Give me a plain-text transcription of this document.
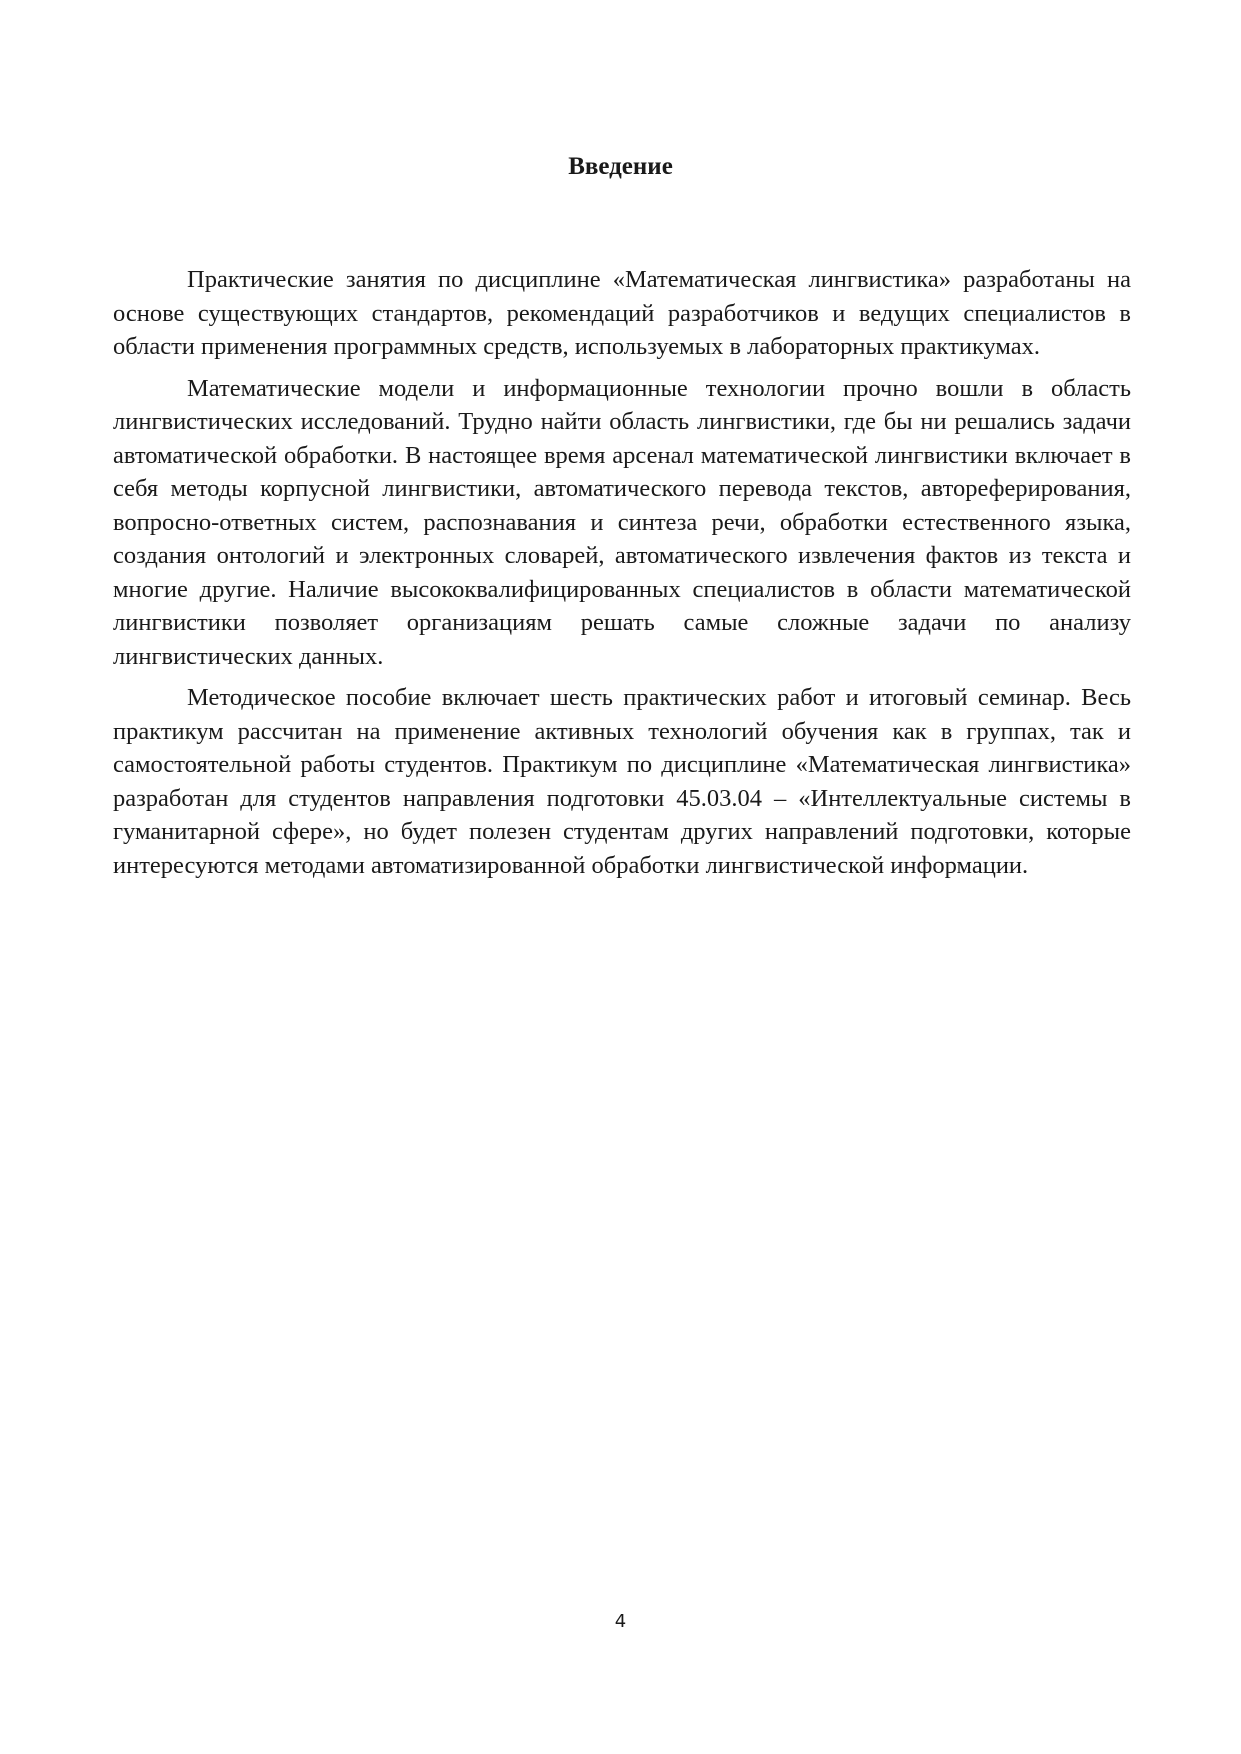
Введение

Практические занятия по дисциплине «Математическая лингвистика» разработаны на основе существующих стандартов, рекомендаций разработчиков и ведущих специалистов в области применения программных средств, используемых в лабораторных практикумах.

Математические модели и информационные технологии прочно вошли в область лингвистических исследований. Трудно найти область лингвистики, где бы ни решались задачи автоматической обработки. В настоящее время арсенал математической лингвистики включает в себя методы корпусной лингвистики, автоматического перевода текстов, автореферирования, вопросно-ответных систем, распознавания и синтеза речи, обработки естественного языка, создания онтологий и электронных словарей, автоматического извлечения фактов из текста и многие другие. Наличие высококвалифицированных специалистов в области математической лингвистики позволяет организациям решать самые сложные задачи по анализу лингвистических данных.

Методическое пособие включает шесть практических работ и итоговый семинар. Весь практикум рассчитан на применение активных технологий обучения как в группах, так и самостоятельной работы студентов. Практикум по дисциплине «Математическая лингвистика» разработан для студентов направления подготовки 45.03.04 – «Интеллектуальные системы в гуманитарной сфере», но будет полезен студентам других направлений подготовки, которые интересуются методами автоматизированной обработки лингвистической информации.

4
